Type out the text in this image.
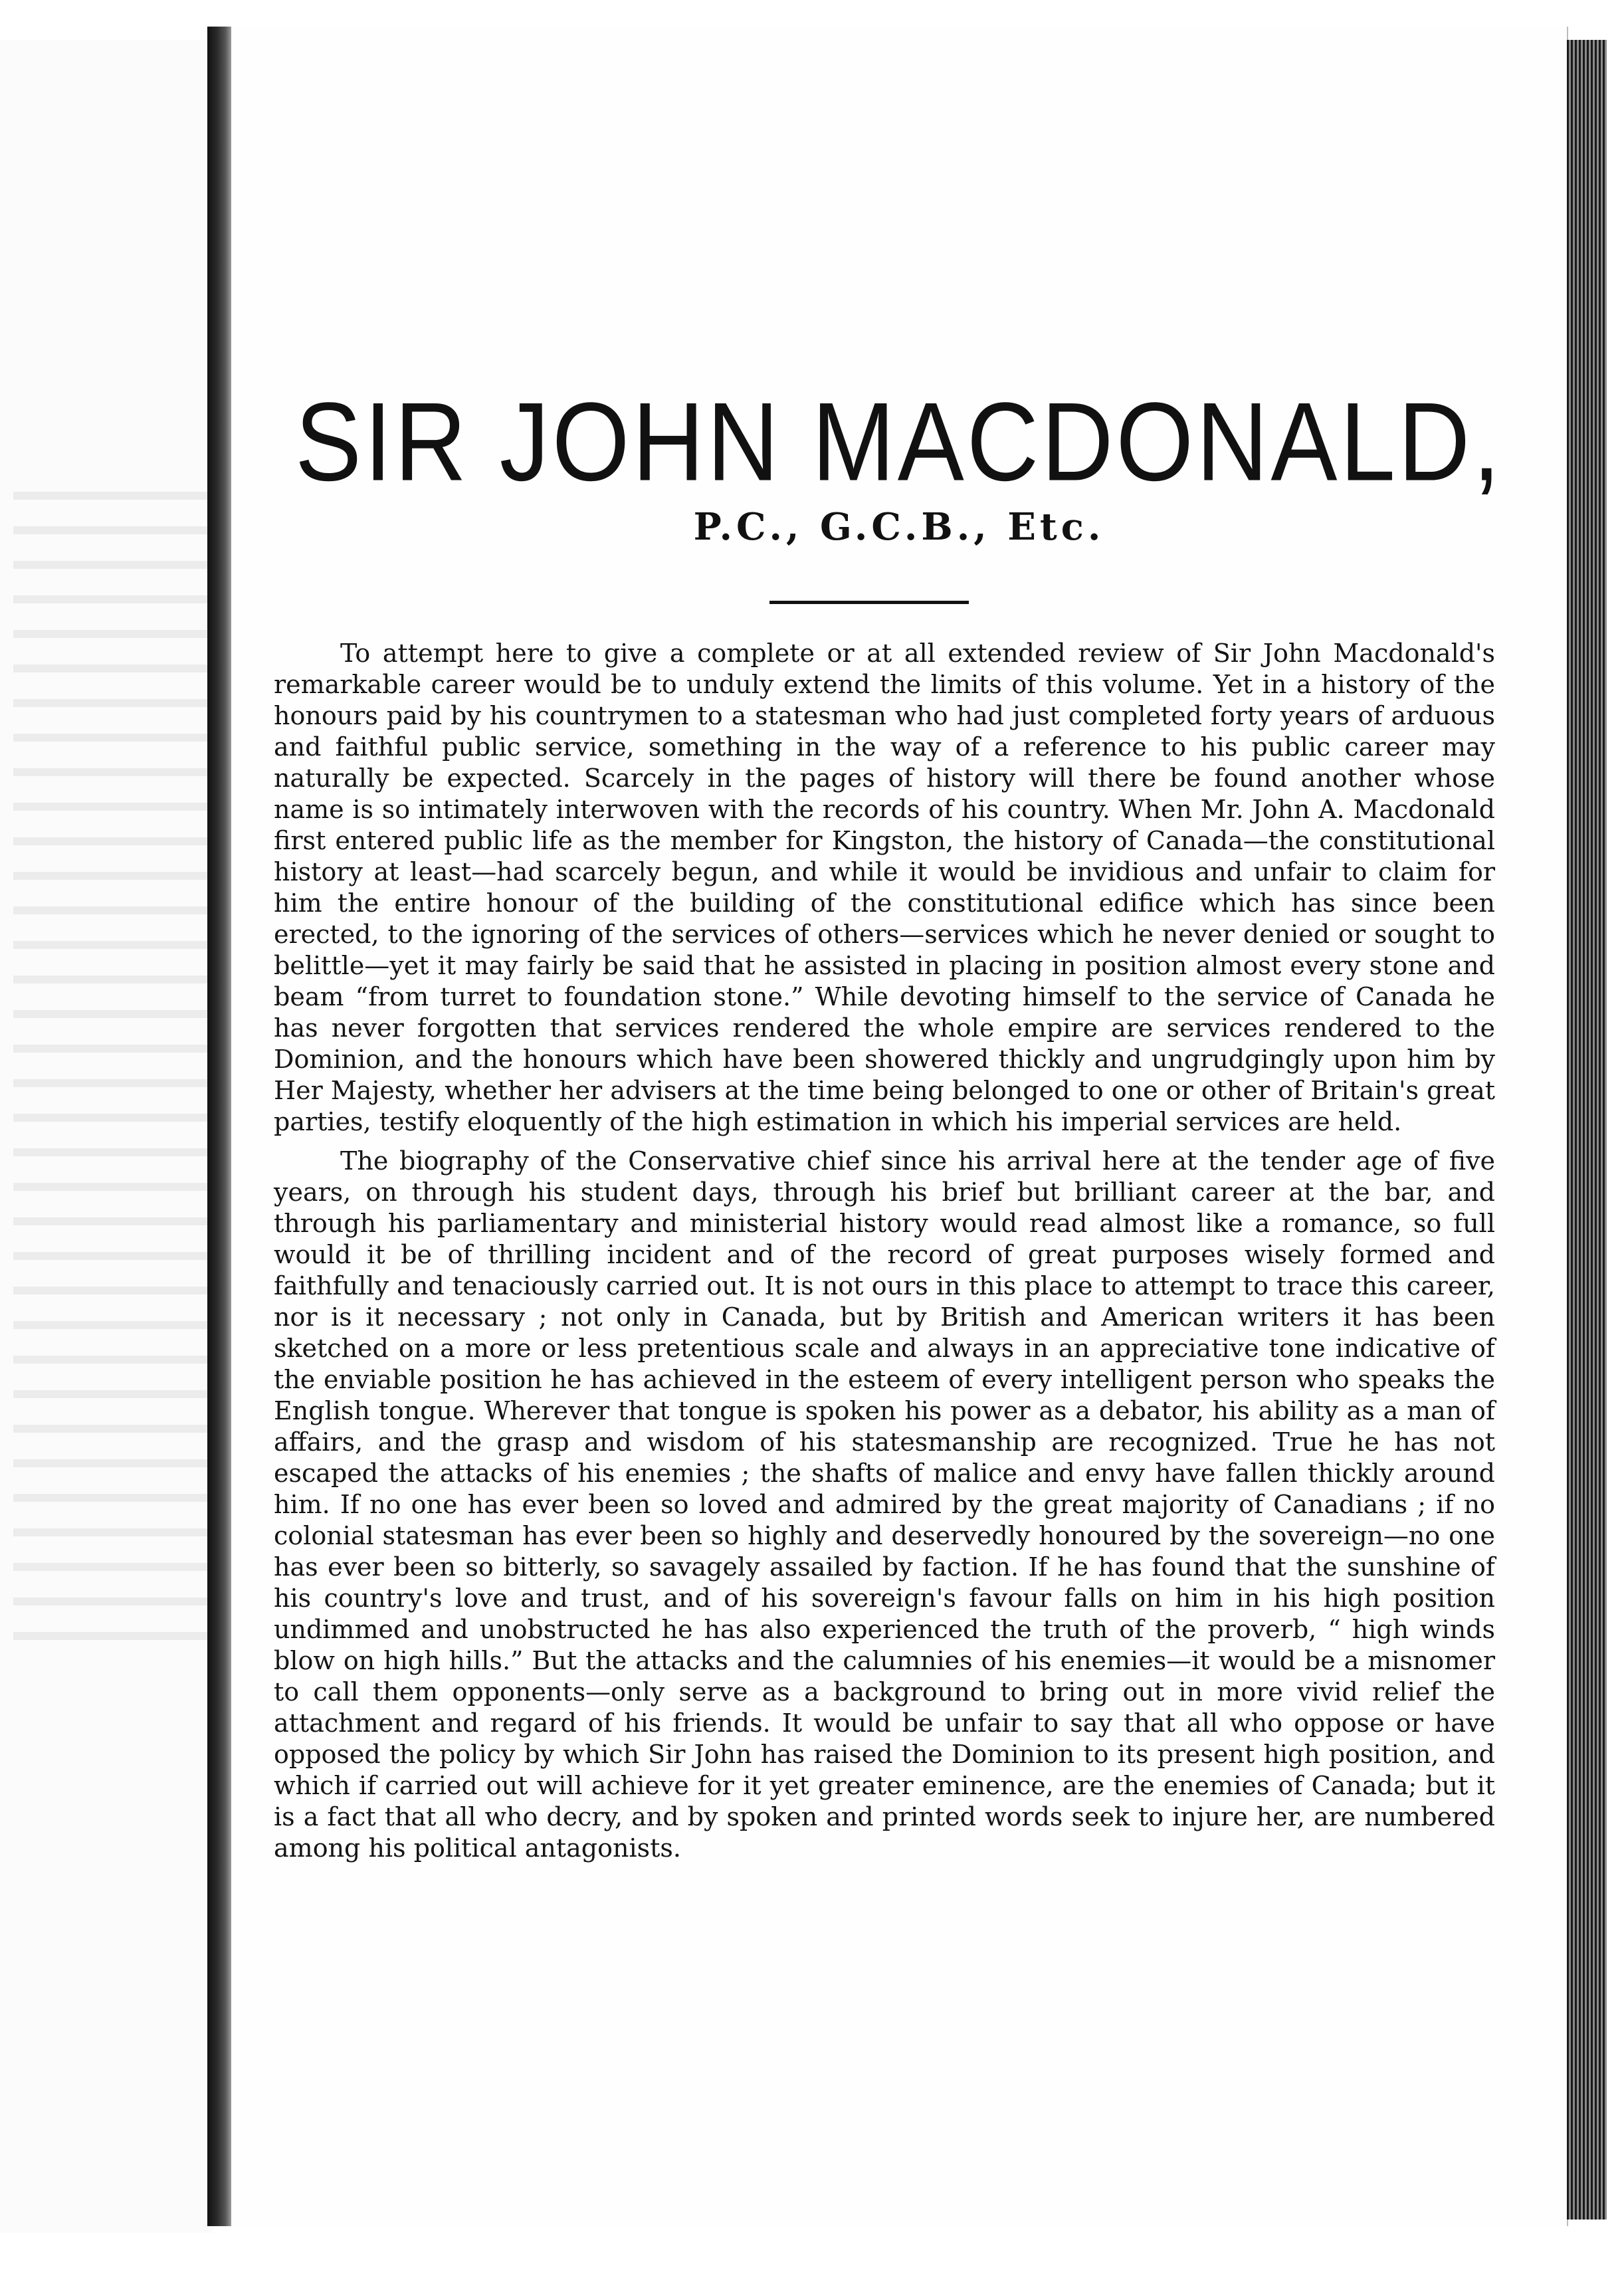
SIR JOHN MACDONALD,
P.C., G.C.B., Etc.

To attempt here to give a complete or at all extended review of Sir John Macdonald's remarkable career would be to unduly extend the limits of this volume. Yet in a history of the honours paid by his countrymen to a statesman who had just completed forty years of arduous and faithful public service, something in the way of a reference to his public career may naturally be expected. Scarcely in the pages of history will there be found another whose name is so intimately interwoven with the records of his country. When Mr. John A. Macdonald first entered public life as the member for Kingston, the history of Canada—the constitutional history at least—had scarcely begun, and while it would be invidious and unfair to claim for him the entire honour of the building of the constitutional edifice which has since been erected, to the ignoring of the services of others—services which he never denied or sought to belittle—yet it may fairly be said that he assisted in placing in position almost every stone and beam “from turret to foundation stone.” While devoting himself to the service of Canada he has never forgotten that services rendered the whole empire are services rendered to the Dominion, and the honours which have been showered thickly and ungrudgingly upon him by Her Majesty, whether her advisers at the time being belonged to one or other of Britain's great parties, testify eloquently of the high estimation in which his imperial services are held.

The biography of the Conservative chief since his arrival here at the tender age of five years, on through his student days, through his brief but brilliant career at the bar, and through his parliamentary and ministerial history would read almost like a romance, so full would it be of thrilling incident and of the record of great purposes wisely formed and faithfully and tenaciously carried out. It is not ours in this place to attempt to trace this career, nor is it necessary ; not only in Canada, but by British and American writers it has been sketched on a more or less pretentious scale and always in an appreciative tone indicative of the enviable position he has achieved in the esteem of every intelligent person who speaks the English tongue. Wherever that tongue is spoken his power as a debator, his ability as a man of affairs, and the grasp and wisdom of his statesmanship are recognized. True he has not escaped the attacks of his enemies ; the shafts of malice and envy have fallen thickly around him. If no one has ever been so loved and admired by the great majority of Canadians ; if no colonial statesman has ever been so highly and deservedly honoured by the sovereign—no one has ever been so bitterly, so savagely assailed by faction. If he has found that the sunshine of his country's love and trust, and of his sovereign's favour falls on him in his high position undimmed and unobstructed he has also experienced the truth of the proverb, “ high winds blow on high hills.” But the attacks and the calumnies of his enemies—it would be a misnomer to call them opponents—only serve as a background to bring out in more vivid relief the attachment and regard of his friends. It would be unfair to say that all who oppose or have opposed the policy by which Sir John has raised the Dominion to its present high position, and which if carried out will achieve for it yet greater eminence, are the enemies of Canada; but it is a fact that all who decry, and by spoken and printed words seek to injure her, are numbered among his political antagonists.
